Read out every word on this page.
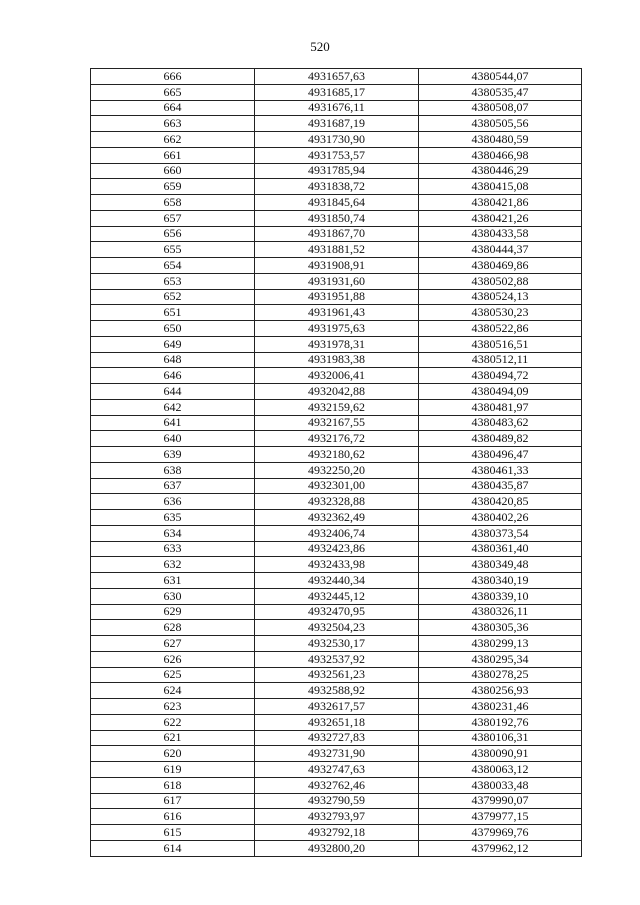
520
666	4931657,63	4380544,07
665	4931685,17	4380535,47
664	4931676,11	4380508,07
663	4931687,19	4380505,56
662	4931730,90	4380480,59
661	4931753,57	4380466,98
660	4931785,94	4380446,29
659	4931838,72	4380415,08
658	4931845,64	4380421,86
657	4931850,74	4380421,26
656	4931867,70	4380433,58
655	4931881,52	4380444,37
654	4931908,91	4380469,86
653	4931931,60	4380502,88
652	4931951,88	4380524,13
651	4931961,43	4380530,23
650	4931975,63	4380522,86
649	4931978,31	4380516,51
648	4931983,38	4380512,11
646	4932006,41	4380494,72
644	4932042,88	4380494,09
642	4932159,62	4380481,97
641	4932167,55	4380483,62
640	4932176,72	4380489,82
639	4932180,62	4380496,47
638	4932250,20	4380461,33
637	4932301,00	4380435,87
636	4932328,88	4380420,85
635	4932362,49	4380402,26
634	4932406,74	4380373,54
633	4932423,86	4380361,40
632	4932433,98	4380349,48
631	4932440,34	4380340,19
630	4932445,12	4380339,10
629	4932470,95	4380326,11
628	4932504,23	4380305,36
627	4932530,17	4380299,13
626	4932537,92	4380295,34
625	4932561,23	4380278,25
624	4932588,92	4380256,93
623	4932617,57	4380231,46
622	4932651,18	4380192,76
621	4932727,83	4380106,31
620	4932731,90	4380090,91
619	4932747,63	4380063,12
618	4932762,46	4380033,48
617	4932790,59	4379990,07
616	4932793,97	4379977,15
615	4932792,18	4379969,76
614	4932800,20	4379962,12
